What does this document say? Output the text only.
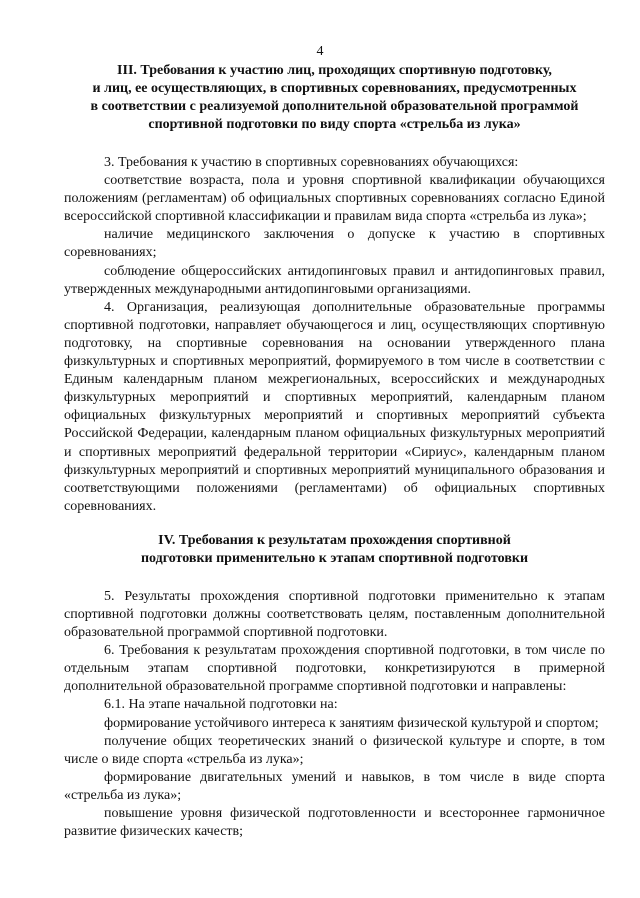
4
III. Требования к участию лиц, проходящих спортивную подготовку,
и лиц, ее осуществляющих, в спортивных соревнованиях, предусмотренных
в соответствии с реализуемой дополнительной образовательной программой
спортивной подготовки по виду спорта «стрельба из лука»

3. Требования к участию в спортивных соревнованиях обучающихся:

соответствие возраста, пола и уровня спортивной квалификации обучающихся положениям (регламентам) об официальных спортивных соревнованиях согласно Единой всероссийской спортивной классификации и правилам вида спорта «стрельба из лука»;

наличие медицинского заключения о допуске к участию в спортивных соревнованиях;

соблюдение общероссийских антидопинговых правил и антидопинговых правил, утвержденных международными антидопинговыми организациями.

4. Организация, реализующая дополнительные образовательные программы спортивной подготовки, направляет обучающегося и лиц, осуществляющих спортивную подготовку, на спортивные соревнования на основании утвержденного плана физкультурных и спортивных мероприятий, формируемого в том числе в соответствии с Единым календарным планом межрегиональных, всероссийских и международных физкультурных мероприятий и спортивных мероприятий, календарным планом официальных физкультурных мероприятий и спортивных мероприятий субъекта Российской Федерации, календарным планом официальных физкультурных мероприятий и спортивных мероприятий федеральной территории «Сириус», календарным планом физкультурных мероприятий и спортивных мероприятий муниципального образования и соответствующими положениями (регламентами) об официальных спортивных соревнованиях.

IV. Требования к результатам прохождения спортивной
подготовки применительно к этапам спортивной подготовки

5. Результаты прохождения спортивной подготовки применительно к этапам спортивной подготовки должны соответствовать целям, поставленным дополнительной образовательной программой спортивной подготовки.

6. Требования к результатам прохождения спортивной подготовки, в том числе по отдельным этапам спортивной подготовки, конкретизируются в примерной дополнительной образовательной программе спортивной подготовки и направлены:

6.1. На этапе начальной подготовки на:

формирование устойчивого интереса к занятиям физической культурой и спортом;

получение общих теоретических знаний о физической культуре и спорте, в том числе о виде спорта «стрельба из лука»;

формирование двигательных умений и навыков, в том числе в виде спорта «стрельба из лука»;

повышение уровня физической подготовленности и всестороннее гармоничное развитие физических качеств;
